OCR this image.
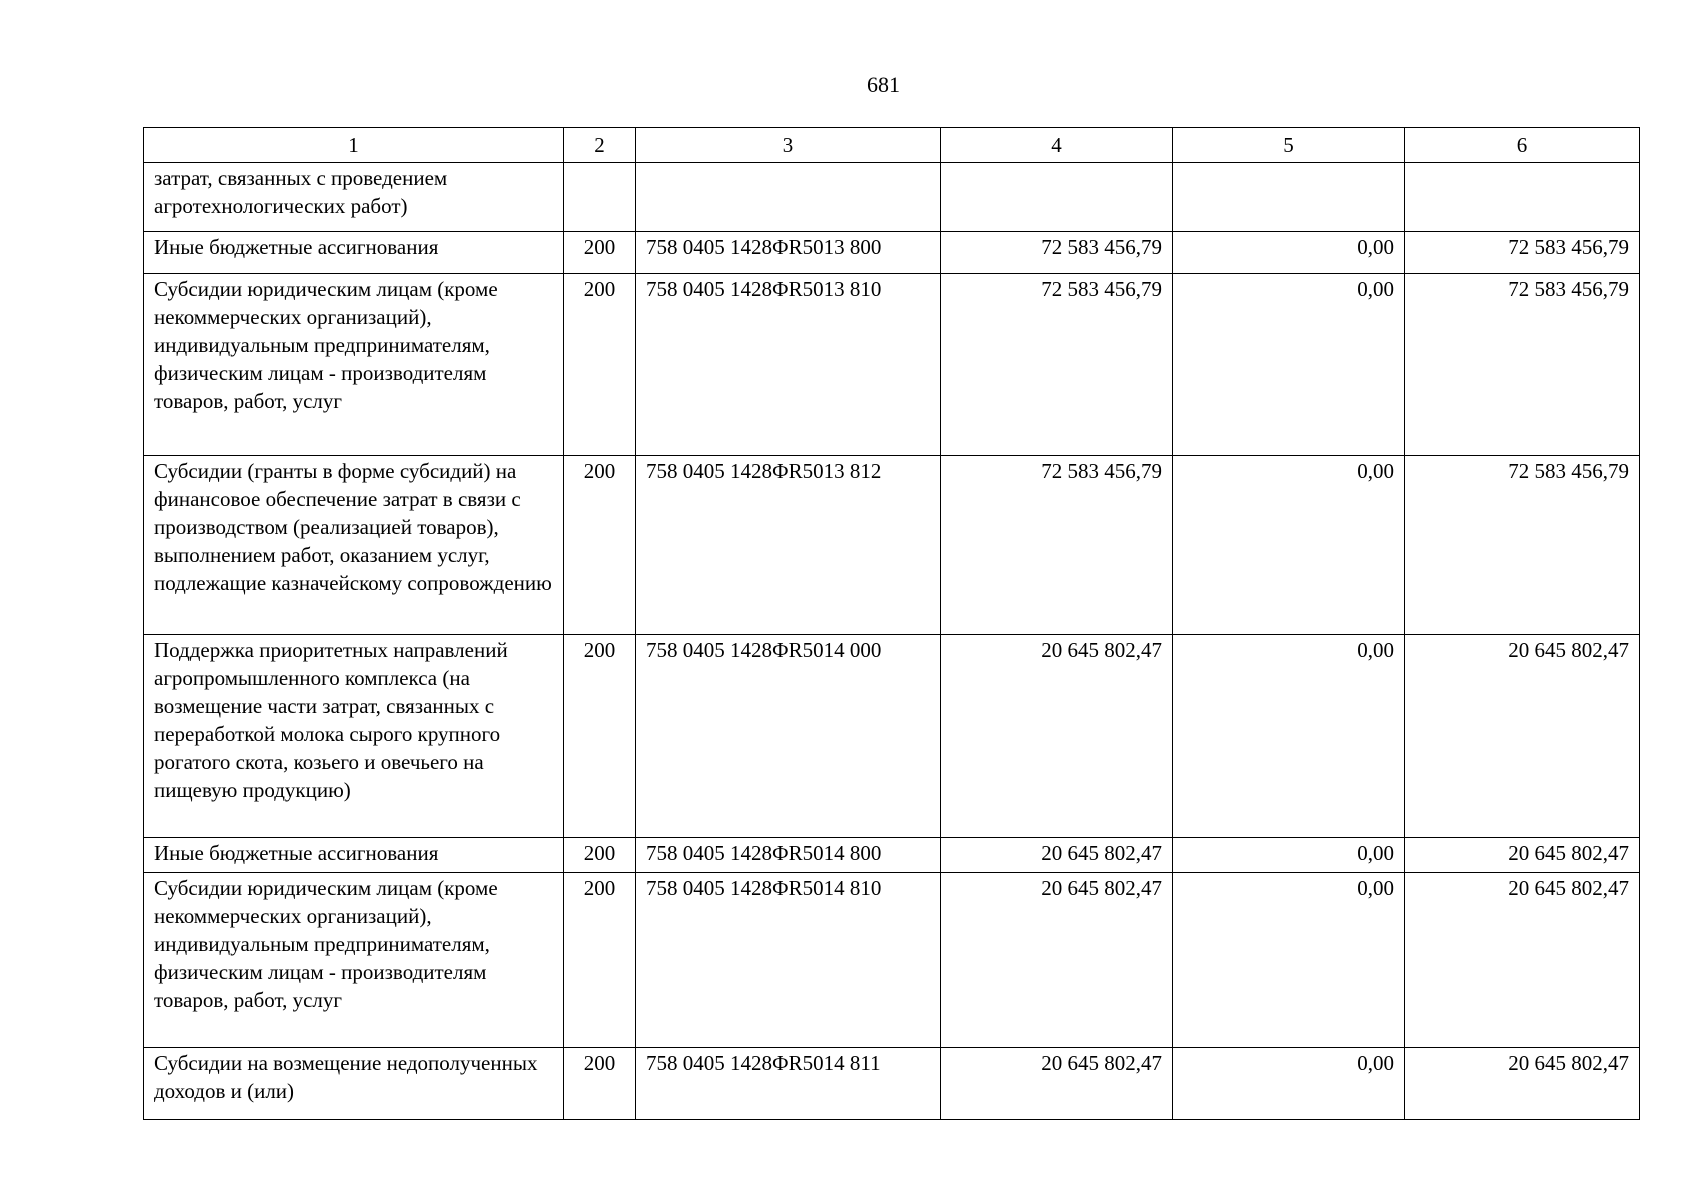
681
1	2	3	4	5	6
затрат, связанных с проведением агротехнологических работ)					
Иные бюджетные ассигнования	200	758 0405 1428ФR5013 800	72 583 456,79	0,00	72 583 456,79
Субсидии юридическим лицам (кроме некоммерческих организаций), индивидуальным предпринимателям, физическим лицам - производителям товаров, работ, услуг	200	758 0405 1428ФR5013 810	72 583 456,79	0,00	72 583 456,79
Субсидии (гранты в форме субсидий) на финансовое обеспечение затрат в связи с производством (реализацией товаров), выполнением работ, оказанием услуг, подлежащие казначейскому сопровождению	200	758 0405 1428ФR5013 812	72 583 456,79	0,00	72 583 456,79
Поддержка приоритетных направлений агропромышленного комплекса (на возмещение части затрат, связанных с переработкой молока сырого крупного рогатого скота, козьего и овечьего на пищевую продукцию)	200	758 0405 1428ФR5014 000	20 645 802,47	0,00	20 645 802,47
Иные бюджетные ассигнования	200	758 0405 1428ФR5014 800	20 645 802,47	0,00	20 645 802,47
Субсидии юридическим лицам (кроме некоммерческих организаций), индивидуальным предпринимателям, физическим лицам - производителям товаров, работ, услуг	200	758 0405 1428ФR5014 810	20 645 802,47	0,00	20 645 802,47
Субсидии на возмещение недополученных доходов и (или)	200	758 0405 1428ФR5014 811	20 645 802,47	0,00	20 645 802,47
